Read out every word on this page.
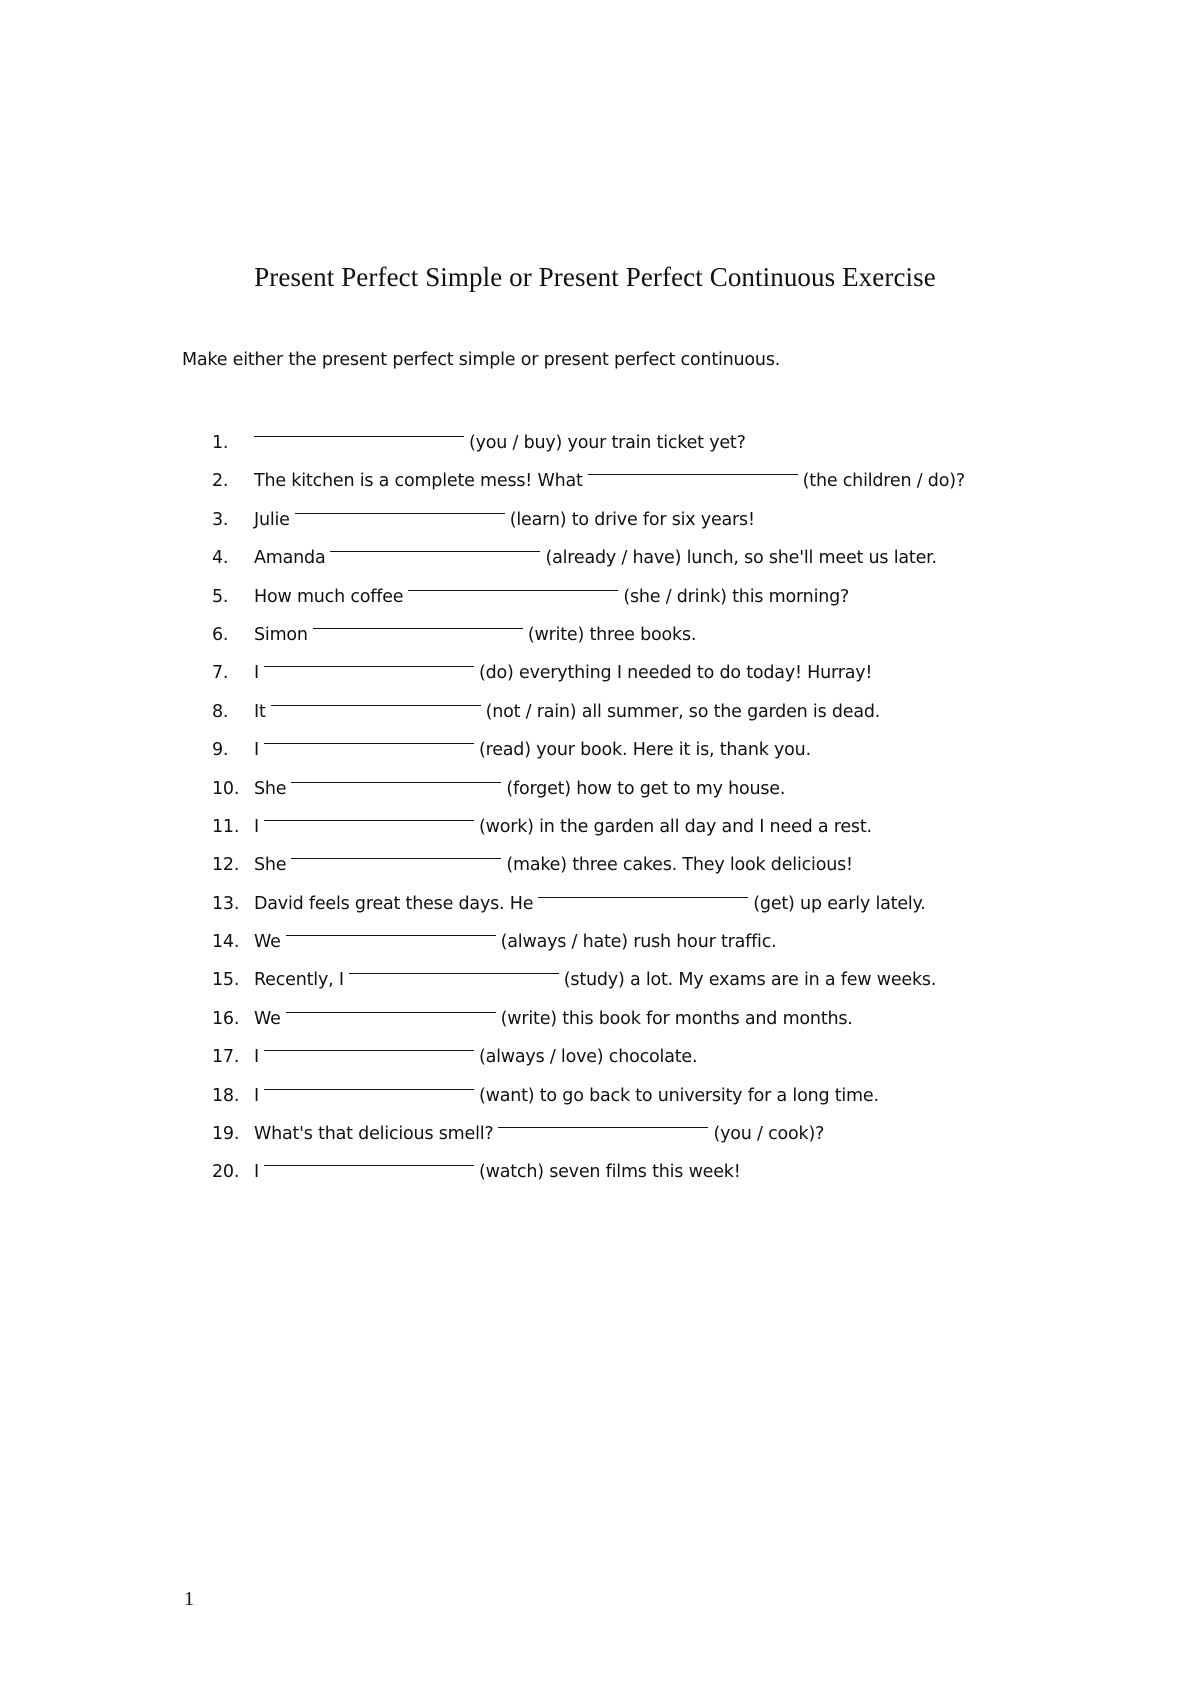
Present Perfect Simple or Present Perfect Continuous Exercise
Make either the present perfect simple or present perfect continuous.
1.	(you / buy) your train ticket yet?
2.	The kitchen is a complete mess! What	(the children / do)?
3.	Julie	(learn) to drive for six years!
4.	Amanda	(already / have) lunch, so she'll meet us later.
5.	How much coffee	(she / drink) this morning?
6.	Simon	(write) three books.
7.	I	(do) everything I needed to do today! Hurray!
8.	It	(not / rain) all summer, so the garden is dead.
9.	I	(read) your book. Here it is, thank you.
10. She	(forget) how to get to my house.
11. I	(work) in the garden all day and I need a rest.
12. She	(make) three cakes. They look delicious!
13. David feels great these days. He	(get) up early lately.
14. We	(always / hate) rush hour traffic.
15. Recently, I	(study) a lot. My exams are in a few weeks.
16. We	(write) this book for months and months.
17. I	(always / love) chocolate.
18. I	(want) to go back to university for a long time.
19. What's that delicious smell?	(you / cook)?
20. I	(watch) seven films this week!
1
